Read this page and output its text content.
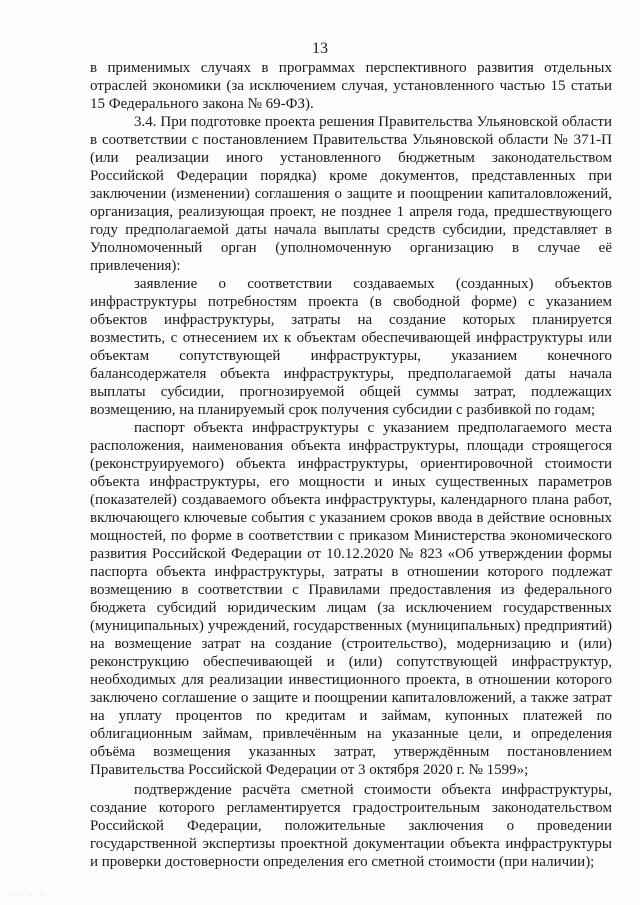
13

в применимых случаях в программах перспективного развития отдельных отраслей экономики (за исключением случая, установленного частью 15 статьи 15 Федерального закона № 69-ФЗ).

3.4. При подготовке проекта решения Правительства Ульяновской области в соответствии с постановлением Правительства Ульяновской области № 371-П (или реализации иного установленного бюджетным законодательством Российской Федерации порядка) кроме документов, представленных при заключении (изменении) соглашения о защите и поощрении капиталовложений, организация, реализующая проект, не позднее 1 апреля года, предшествующего году предполагаемой даты начала выплаты средств субсидии, представляет в Уполномоченный орган (уполномоченную организацию в случае её привлечения):

заявление о соответствии создаваемых (созданных) объектов инфраструктуры потребностям проекта (в свободной форме) с указанием объектов инфраструктуры, затраты на создание которых планируется возместить, с отнесением их к объектам обеспечивающей инфраструктуры или объектам сопутствующей инфраструктуры, указанием конечного балансодержателя объекта инфраструктуры, предполагаемой даты начала выплаты субсидии, прогнозируемой общей суммы затрат, подлежащих возмещению, на планируемый срок получения субсидии с разбивкой по годам;

паспорт объекта инфраструктуры с указанием предполагаемого места расположения, наименования объекта инфраструктуры, площади строящегося (реконструируемого) объекта инфраструктуры, ориентировочной стоимости объекта инфраструктуры, его мощности и иных существенных параметров (показателей) создаваемого объекта инфраструктуры, календарного плана работ, включающего ключевые события с указанием сроков ввода в действие основных мощностей, по форме в соответствии с приказом Министерства экономического развития Российской Федерации от 10.12.2020 № 823 «Об утверждении формы паспорта объекта инфраструктуры, затраты в отношении которого подлежат возмещению в соответствии с Правилами предоставления из федерального бюджета субсидий юридическим лицам (за исключением государственных (муниципальных) учреждений, государственных (муниципальных) предприятий) на возмещение затрат на создание (строительство), модернизацию и (или) реконструкцию обеспечивающей и (или) сопутствующей инфраструктур, необходимых для реализации инвестиционного проекта, в отношении которого заключено соглашение о защите и поощрении капиталовложений, а также затрат на уплату процентов по кредитам и займам, купонных платежей по облигационным займам, привлечённым на указанные цели, и определения объёма возмещения указанных затрат, утверждённым постановлением Правительства Российской Федерации от 3 октября 2020 г. № 1599»;

подтверждение расчёта сметной стоимости объекта инфраструктуры, создание которого регламентируется градостроительным законодательством Российской Федерации, положительные заключения о проведении государственной экспертизы проектной документации объекта инфраструктуры и проверки достоверности определения его сметной стоимости (при наличии);

·· ·· ·· ··
